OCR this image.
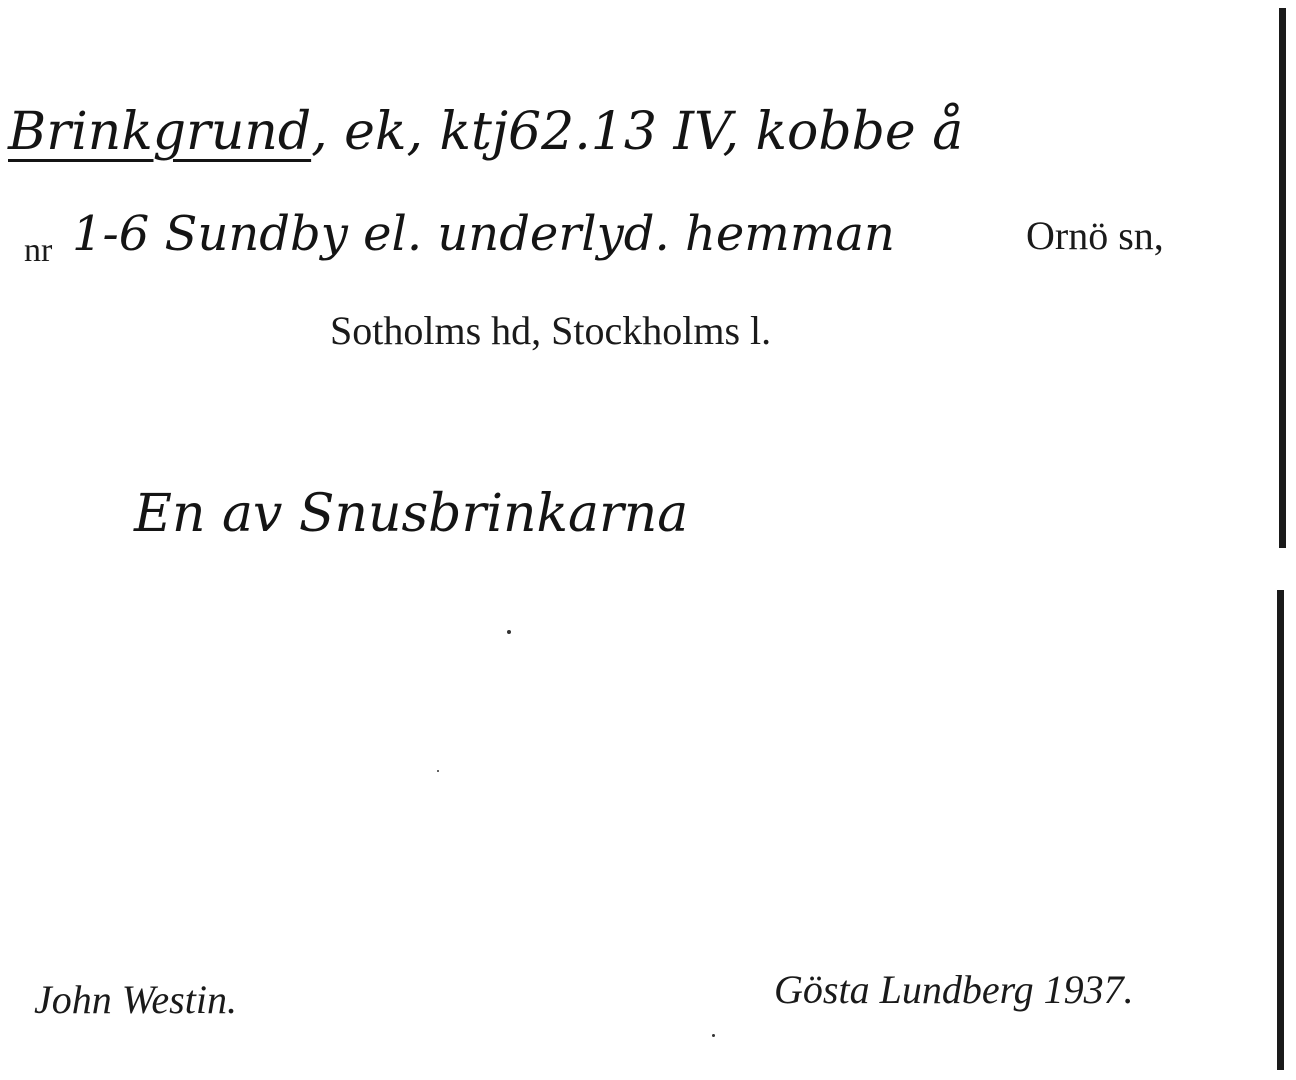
Brinkgrund, ek, ktj62.13 IV, kobbe å
nr 1-6 Sundby el. underlyd. hemman	Ornö sn,
Sotholms hd, Stockholms l.
En av Snusbrinkarna
John Westin.	Gösta Lundberg 1937.
